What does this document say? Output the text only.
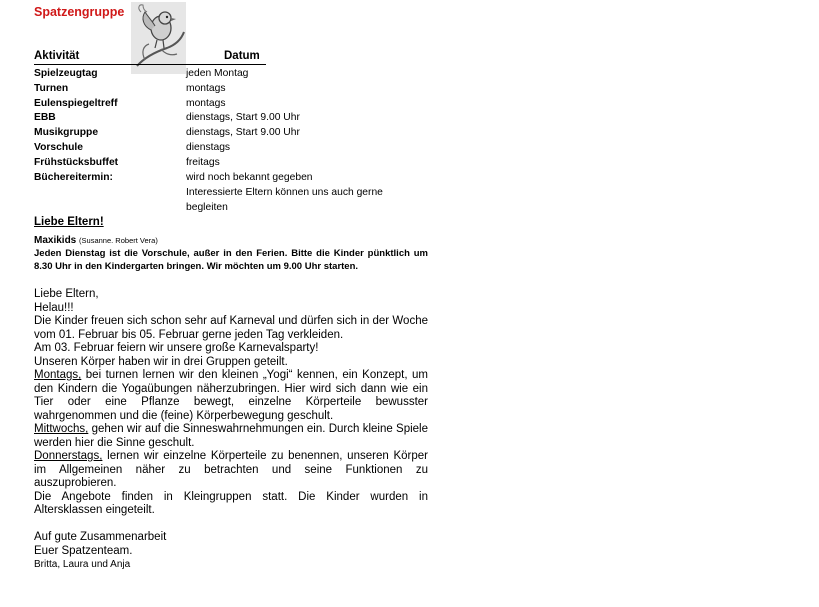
Spatzengruppe
Aktivität	Datum
Spielzeugtag	jeden Montag
Turnen	montags
Eulenspiegeltreff	montags
EBB	dienstags, Start 9.00 Uhr
Musikgruppe	dienstags, Start 9.00 Uhr
Vorschule	dienstags
Frühstücksbuffet	freitags
Büchereitermin:	wird noch bekannt gegeben
Interessierte Eltern können uns auch gerne
begleiten
Liebe Eltern!
Maxikids (Susanne. Robert Vera)
Jeden Dienstag ist die Vorschule, außer in den Ferien. Bitte die Kinder pünktlich um 8.30 Uhr in den Kindergarten bringen. Wir möchten um 9.00 Uhr starten.

Liebe Eltern,

Helau!!!

Die Kinder freuen sich schon sehr auf Karneval und dürfen sich in der Woche vom 01. Februar bis 05. Februar gerne jeden Tag verkleiden.

Am 03. Februar feiern wir unsere große Karnevalsparty!

Unseren Körper haben wir in drei Gruppen geteilt.

Montags, bei turnen lernen wir den kleinen „Yogi“ kennen, ein Konzept, um den Kindern die Yogaübungen näherzubringen. Hier wird sich dann wie ein Tier oder eine Pflanze bewegt, einzelne Körperteile bewusster wahrgenommen und die (feine) Körperbewegung geschult.

Mittwochs, gehen wir auf die Sinneswahrnehmungen ein. Durch kleine Spiele werden hier die Sinne geschult.

Donnerstags, lernen wir einzelne Körperteile zu benennen, unseren Körper im Allgemeinen näher zu betrachten und seine Funktionen zu auszuprobieren.

Die Angebote finden in Kleingruppen statt. Die Kinder wurden in Altersklassen eingeteilt.

Auf gute Zusammenarbeit

Euer Spatzenteam.

Britta, Laura und Anja
